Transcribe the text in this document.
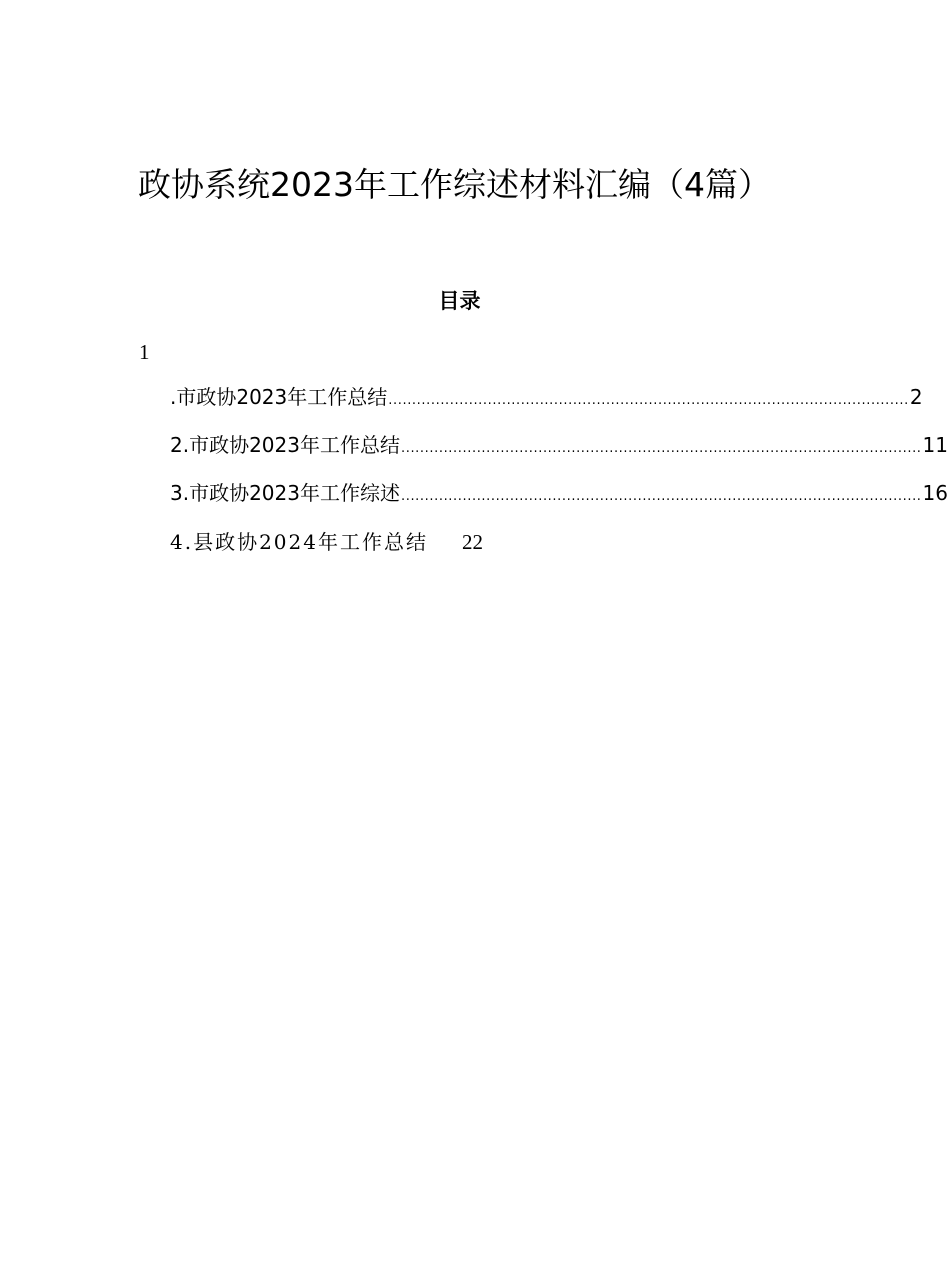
政协系统2023年工作综述材料汇编（4篇）
目录
1
.市政协2023年工作总结 .............................................................................................................. 2
2.市政协2023年工作总结 .............................................................................................................. 11
3.市政协2023年工作综述 .............................................................................................................. 16
4.县政协2024年工作总结 22
